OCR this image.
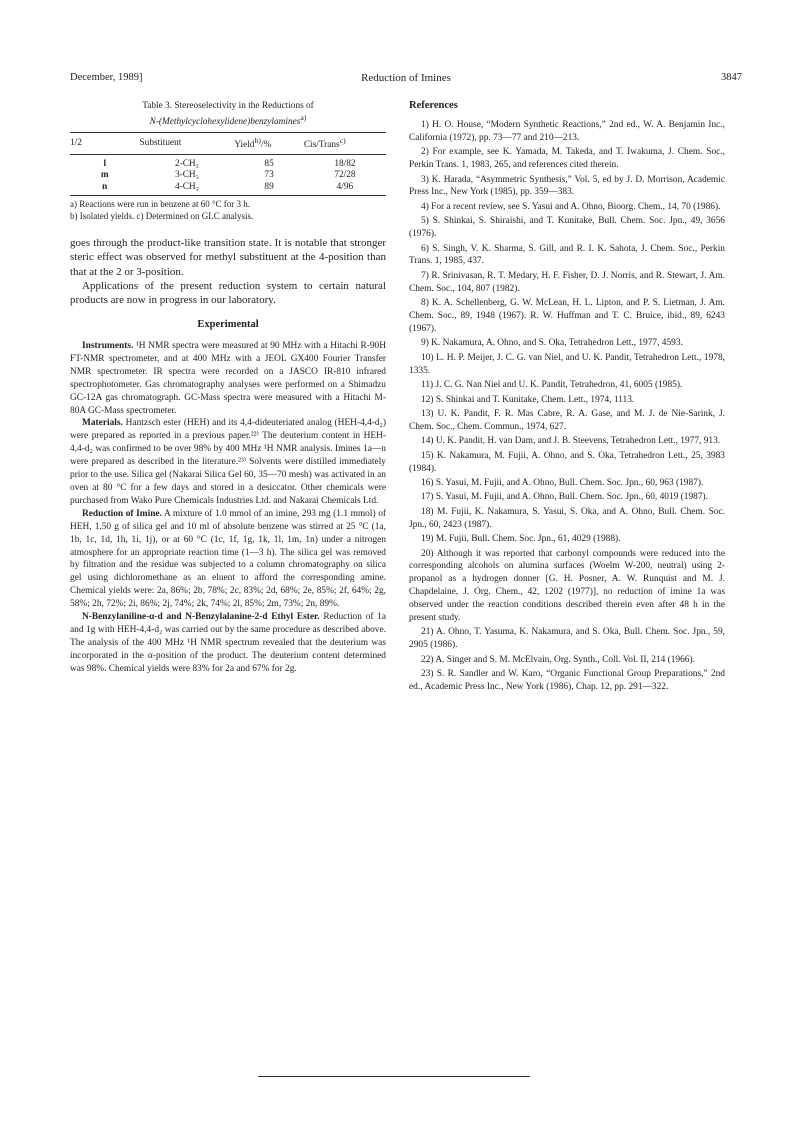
December, 1989]	Reduction of Imines	3847

Table 3. Stereoselectivity in the Reductions of
N-(Methylcyclohexylidene)benzylamines$^{a)}$

1/2	Substituent	Yield$^{b)}$/%	Cis/Trans$^{c)}$

l	2-CH₃	85	18/82
m	3-CH₃	73	72/28
n	4-CH₃	89	4/96

a) Reactions were run in benzene at 60 °C for 3 h.

b) Isolated yields. c) Determined on GLC analysis.

goes through the product-like transition state. It is notable that stronger steric effect was observed for methyl substituent at the 4-position than that at the 2 or 3-position.

Applications of the present reduction system to certain natural products are now in progress in our laboratory.

Experimental

Instruments. ¹H NMR spectra were measured at 90 MHz with a Hitachi R-90H FT-NMR spectrometer, and at 400 MHz with a JEOL GX400 Fourier Transfer NMR spectrometer. IR spectra were recorded on a JASCO IR-810 infrared spectrophotometer. Gas chromatography analyses were performed on a Shimadzu GC-12A gas chromatograph. GC-Mass spectra were measured with a Hitachi M-80A GC-Mass spectrometer.

Materials. Hantzsch ester (HEH) and its 4,4-dideuteriated analog (HEH-4,4-d₂) were prepared as reported in a previous paper.²²⁾ The deuterium content in HEH-4,4-d₂ was confirmed to be over 98% by 400 MHz ¹H NMR analysis. Imines 1a—n were prepared as described in the literature.²³⁾ Solvents were distilled immediately prior to the use. Silica gel (Nakarai Silica Gel 60, 35—70 mesh) was activated in an oven at 80 °C for a few days and stored in a desiccator. Other chemicals were purchased from Wako Pure Chemicals Industries Ltd. and Nakarai Chemicals Ltd.

Reduction of Imine. A mixture of 1.0 mmol of an imine, 293 mg (1.1 mmol) of HEH, 1.50 g of silica gel and 10 ml of absolute benzene was stirred at 25 °C (1a, 1b, 1c, 1d, 1h, 1i, 1j), or at 60 °C (1c, 1f, 1g, 1k, 1l, 1m, 1n) under a nitrogen atmosphere for an appropriate reaction time (1—3 h). The silica gel was removed by filtration and the residue was subjected to a column chromatography on silica gel using dichloromethane as an eluent to afford the corresponding amine. Chemical yields were: 2a, 86%; 2b, 78%; 2c, 83%; 2d, 68%; 2e, 85%; 2f, 64%; 2g, 58%; 2h, 72%; 2i, 86%; 2j, 74%; 2k, 74%; 2l, 85%; 2m, 73%; 2n, 89%.

N-Benzylaniline-α-d and N-Benzylalanine-2-d Ethyl Ester. Reduction of 1a and 1g with HEH-4,4-d₂ was carried out by the same procedure as described above. The analysis of the 400 MHz ¹H NMR spectrum revealed that the deuterium was incorporated in the α-position of the product. The deuterium content determined was 98%. Chemical yields were 83% for 2a and 67% for 2g.

References

1) H. O. House, “Modern Synthetic Reactions,” 2nd ed., W. A. Benjamin Inc., California (1972), pp. 73—77 and 210—213.

2) For example, see K. Yamada, M. Takeda, and T. Iwakuma, J. Chem. Soc., Perkin Trans. 1, 1983, 265, and references cited therein.

3) K. Harada, “Asymmetric Synthesis,” Vol. 5, ed by J. D. Morrison, Academic Press Inc., New York (1985), pp. 359—383.

4) For a recent review, see S. Yasui and A. Ohno, Bioorg. Chem., 14, 70 (1986).

5) S. Shinkai, S. Shiraishi, and T. Kunitake, Bull. Chem. Soc. Jpn., 49, 3656 (1976).

6) S. Singh, V. K. Sharma, S. Gill, and R. I. K. Sahota, J. Chem. Soc., Perkin Trans. 1, 1985, 437.

7) R. Srinivasan, R. T. Medary, H. F. Fisher, D. J. Norris, and R. Stewart, J. Am. Chem. Soc., 104, 807 (1982).

8) K. A. Schellenberg, G. W. McLean, H. L. Lipton, and P. S. Lietman, J. Am. Chem. Soc., 89, 1948 (1967). R. W. Huffman and T. C. Bruice, ibid., 89, 6243 (1967).

9) K. Nakamura, A. Ohno, and S. Oka, Tetrahedron Lett., 1977, 4593.

10) L. H. P. Meijer, J. C. G. van Niel, and U. K. Pandit, Tetrahedron Lett., 1978, 1335.

11) J. C. G. Nan Niel and U. K. Pandit, Tetrahedron, 41, 6005 (1985).

12) S. Shinkai and T. Kunitake, Chem. Lett., 1974, 1113.

13) U. K. Pandit, F. R. Mas Cabre, R. A. Gase, and M. J. de Nie-Sarink, J. Chem. Soc., Chem. Commun., 1974, 627.

14) U. K. Pandit, H. van Dam, and J. B. Steevens, Tetrahedron Lett., 1977, 913.

15) K. Nakamura, M. Fujii, A. Ohno, and S. Oka, Tetrahedron Lett., 25, 3983 (1984).

16) S. Yasui, M. Fujii, and A. Ohno, Bull. Chem. Soc. Jpn., 60, 963 (1987).

17) S. Yasui, M. Fujii, and A. Ohno, Bull. Chem. Soc. Jpn., 60, 4019 (1987).

18) M. Fujii, K. Nakamura, S. Yasui, S. Oka, and A. Ohno, Bull. Chem. Soc. Jpn., 60, 2423 (1987).

19) M. Fujii, Bull. Chem. Soc. Jpn., 61, 4029 (1988).

20) Although it was reported that carbonyl compounds were reduced into the corresponding alcohols on alumina surfaces (Woelm W-200, neutral) using 2-propanol as a hydrogen donner [G. H. Posner, A. W. Runquist and M. J. Chapdelaine, J. Org. Chem., 42, 1202 (1977)], no reduction of imine 1a was observed under the reaction conditions described therein even after 48 h in the present study.

21) A. Ohno, T. Yasuma, K. Nakamura, and S. Oka, Bull. Chem. Soc. Jpn., 59, 2905 (1986).

22) A. Singer and S. M. McElvain, Org. Synth., Coll. Vol. II, 214 (1966).

23) S. R. Sandler and W. Karo, “Organic Functional Group Preparations,” 2nd ed., Academic Press Inc., New York (1986), Chap. 12, pp. 291—322.
